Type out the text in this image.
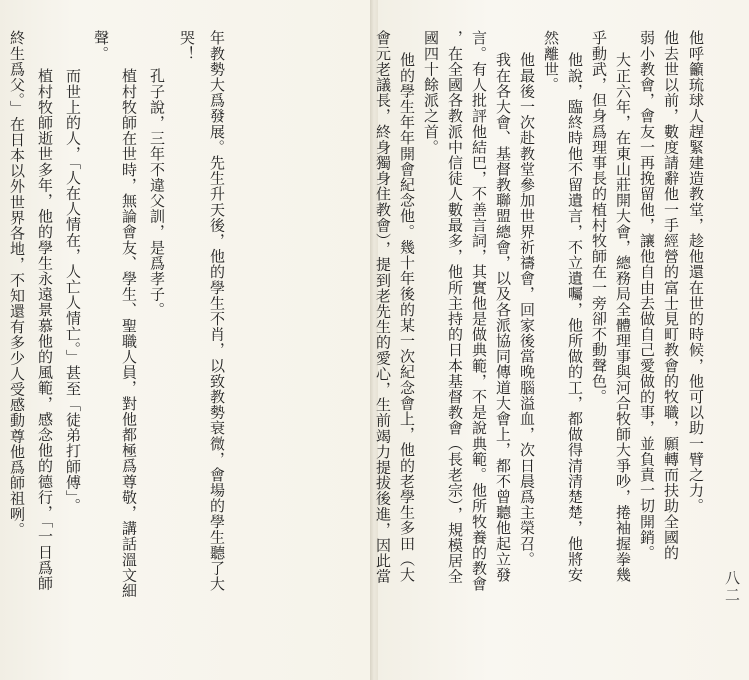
年教勢大爲發展。先生升天後，他的學生不肖，以致教勢衰微，會場的學生聽了大
哭！
孔子說，三年不違父訓，是爲孝子。
植村牧師在世時，無論會友、學生、聖職人員，對他都極爲尊敬，講話溫文細
聲。
而世上的人，「人在人情在，人亡人情亡。」甚至「徒弟打師傅」。
植村牧師逝世多年，他的學生永遠景慕他的風範，感念他的德行，「一日爲師
終生爲父。」在日本以外世界各地，不知還有多少人受感動尊他爲師祖咧。
八二
他呼籲琉球人趕緊建造教堂，趁他還在世的時候，他可以助一臂之力。
他去世以前，數度請辭他一手經營的富士見町教會的牧職，願轉而扶助全國的
弱小教會，會友一再挽留他，讓他自由去做自己愛做的事，並負責一切開銷。
大正六年，在東山莊開大會，總務局全體理事與河合牧師大爭吵，捲袖握拳幾
乎動武，但身爲理事長的植村牧師在一旁卻不動聲色。
他說，臨終時他不留遺言，不立遺囑，他所做的工，都做得清清楚楚，他將安
然離世。
他最後一次赴教堂參加世界祈禱會，回家後當晚腦溢血，次日晨爲主榮召。
我在各大會、基督教聯盟總會，以及各派協同傳道大會上，都不曾聽他起立發
言。有人批評他結巴，不善言詞，其實他是做典範，不是說典範。他所牧養的教會
，在全國各教派中信徒人數最多，他所主持的日本基督教會（長老宗），規模居全
國四十餘派之首。
他的學生年年開會紀念他。幾十年後的某一次紀念會上，他的老學生多田（大
會元老議長，終身獨身住教會），提到老先生的愛心，生前竭力提拔後進，因此當
